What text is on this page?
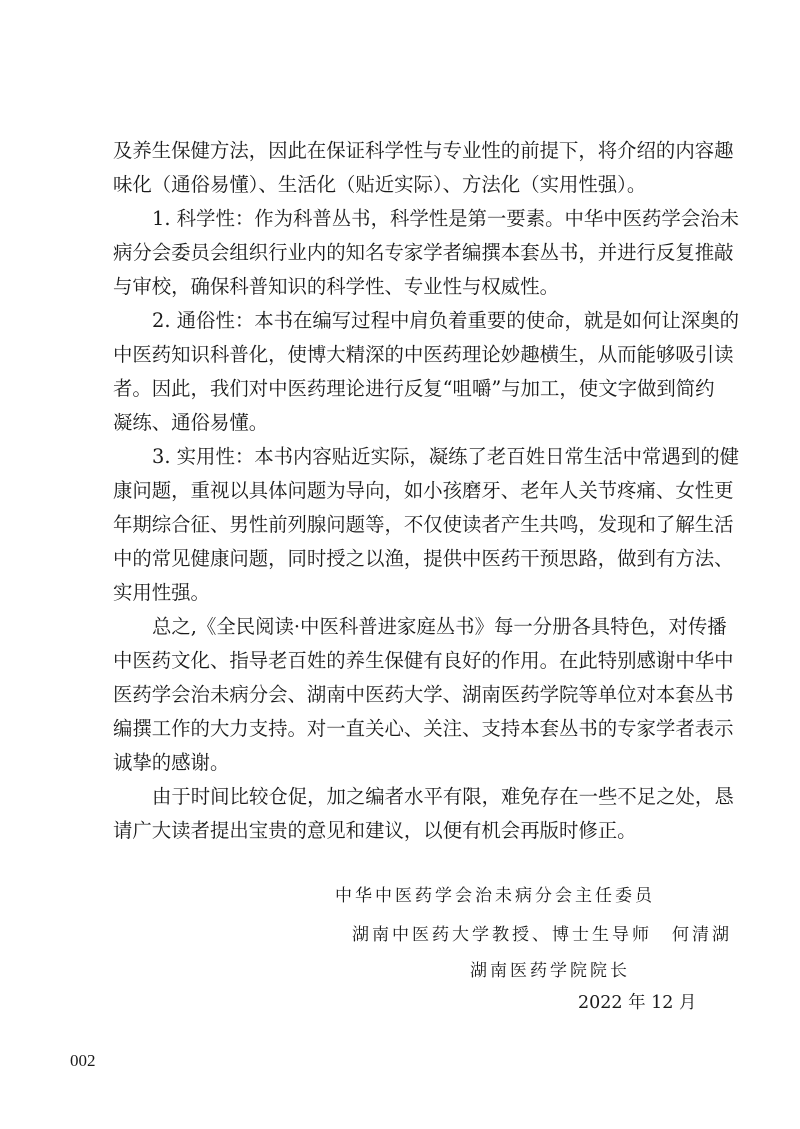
及养生保健方法，因此在保证科学性与专业性的前提下，将介绍的内容趣
味化（通俗易懂）、生活化（贴近实际）、方法化（实用性强）。
1. 科学性：作为科普丛书，科学性是第一要素。中华中医药学会治未
病分会委员会组织行业内的知名专家学者编撰本套丛书，并进行反复推敲
与审校，确保科普知识的科学性、专业性与权威性。
2. 通俗性：本书在编写过程中肩负着重要的使命，就是如何让深奥的
中医药知识科普化，使博大精深的中医药理论妙趣横生，从而能够吸引读
者。因此，我们对中医药理论进行反复“咀嚼”与加工，使文字做到简约
凝练、通俗易懂。
3. 实用性：本书内容贴近实际，凝练了老百姓日常生活中常遇到的健
康问题，重视以具体问题为导向，如小孩磨牙、老年人关节疼痛、女性更
年期综合征、男性前列腺问题等，不仅使读者产生共鸣，发现和了解生活
中的常见健康问题，同时授之以渔，提供中医药干预思路，做到有方法、
实用性强。
总之,《全民阅读·中医科普进家庭丛书》每一分册各具特色，对传播
中医药文化、指导老百姓的养生保健有良好的作用。在此特别感谢中华中
医药学会治未病分会、湖南中医药大学、湖南医药学院等单位对本套丛书
编撰工作的大力支持。对一直关心、关注、支持本套丛书的专家学者表示
诚挚的感谢。
由于时间比较仓促，加之编者水平有限，难免存在一些不足之处，恳
请广大读者提出宝贵的意见和建议，以便有机会再版时修正。
中华中医药学会治未病分会主任委员
湖南中医药大学教授、博士生导师　何清湖
湖南医药学院院长
2022 年 12 月
002
